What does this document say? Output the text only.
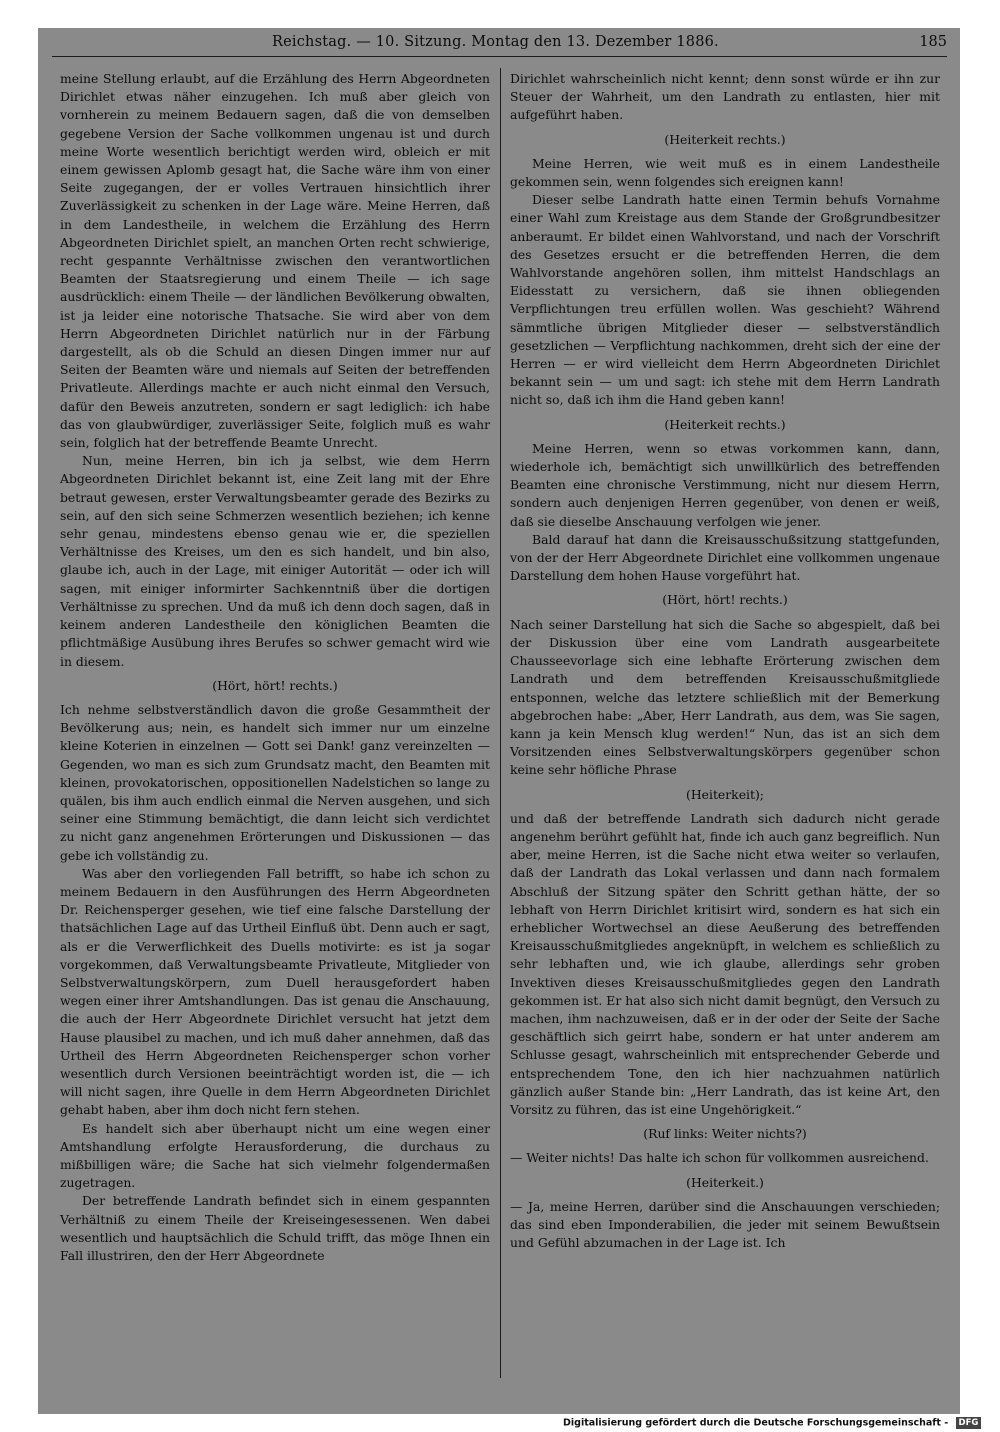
Reichstag. — 10. Sitzung. Montag den 13. Dezember 1886.	185

meine Stellung erlaubt, auf die Erzählung des Herrn Abgeordneten Dirichlet etwas näher einzugehen. Ich muß aber gleich von vornherein zu meinem Bedauern sagen, daß die von demselben gegebene Version der Sache vollkommen ungenau ist und durch meine Worte wesentlich berichtigt werden wird, obleich er mit einem gewissen Aplomb gesagt hat, die Sache wäre ihm von einer Seite zugegangen, der er volles Vertrauen hinsichtlich ihrer Zuverlässigkeit zu schenken in der Lage wäre. Meine Herren, daß in dem Landestheile, in welchem die Erzählung des Herrn Abgeordneten Dirichlet spielt, an manchen Orten recht schwierige, recht gespannte Verhältnisse zwischen den verantwortlichen Beamten der Staatsregierung und einem Theile — ich sage ausdrücklich: einem Theile — der ländlichen Bevölkerung obwalten, ist ja leider eine notorische Thatsache. Sie wird aber von dem Herrn Abgeordneten Dirichlet natürlich nur in der Färbung dargestellt, als ob die Schuld an diesen Dingen immer nur auf Seiten der Beamten wäre und niemals auf Seiten der betreffenden Privatleute. Allerdings machte er auch nicht einmal den Versuch, dafür den Beweis anzutreten, sondern er sagt lediglich: ich habe das von glaubwürdiger, zuverlässiger Seite, folglich muß es wahr sein, folglich hat der betreffende Beamte Unrecht.

Nun, meine Herren, bin ich ja selbst, wie dem Herrn Abgeordneten Dirichlet bekannt ist, eine Zeit lang mit der Ehre betraut gewesen, erster Verwaltungsbeamter gerade des Bezirks zu sein, auf den sich seine Schmerzen wesentlich beziehen; ich kenne sehr genau, mindestens ebenso genau wie er, die speziellen Verhältnisse des Kreises, um den es sich handelt, und bin also, glaube ich, auch in der Lage, mit einiger Autorität — oder ich will sagen, mit einiger informirter Sachkenntniß über die dortigen Verhältnisse zu sprechen. Und da muß ich denn doch sagen, daß in keinem anderen Landestheile den königlichen Beamten die pflichtmäßige Ausübung ihres Berufes so schwer gemacht wird wie in diesem.

(Hört, hört! rechts.)

Ich nehme selbstverständlich davon die große Gesammtheit der Bevölkerung aus; nein, es handelt sich immer nur um einzelne kleine Koterien in einzelnen — Gott sei Dank! ganz vereinzelten — Gegenden, wo man es sich zum Grundsatz macht, den Beamten mit kleinen, provokatorischen, oppositionellen Nadelstichen so lange zu quälen, bis ihm auch endlich einmal die Nerven ausgehen, und sich seiner eine Stimmung bemächtigt, die dann leicht sich verdichtet zu nicht ganz angenehmen Erörterungen und Diskussionen — das gebe ich vollständig zu.

Was aber den vorliegenden Fall betrifft, so habe ich schon zu meinem Bedauern in den Ausführungen des Herrn Abgeordneten Dr. Reichensperger gesehen, wie tief eine falsche Darstellung der thatsächlichen Lage auf das Urtheil Einfluß übt. Denn auch er sagt, als er die Verwerflichkeit des Duells motivirte: es ist ja sogar vorgekommen, daß Verwaltungsbeamte Privatleute, Mitglieder von Selbstverwaltungskörpern, zum Duell herausgefordert haben wegen einer ihrer Amtshandlungen. Das ist genau die Anschauung, die auch der Herr Abgeordnete Dirichlet versucht hat jetzt dem Hause plausibel zu machen, und ich muß daher annehmen, daß das Urtheil des Herrn Abgeordneten Reichensperger schon vorher wesentlich durch Versionen beeinträchtigt worden ist, die — ich will nicht sagen, ihre Quelle in dem Herrn Abgeordneten Dirichlet gehabt haben, aber ihm doch nicht fern stehen.

Es handelt sich aber überhaupt nicht um eine wegen einer Amtshandlung erfolgte Herausforderung, die durchaus zu mißbilligen wäre; die Sache hat sich vielmehr folgendermaßen zugetragen.

Der betreffende Landrath befindet sich in einem gespannten Verhältniß zu einem Theile der Kreiseingesessenen. Wen dabei wesentlich und hauptsächlich die Schuld trifft, das möge Ihnen ein Fall illustriren, den der Herr Abgeordnete

Dirichlet wahrscheinlich nicht kennt; denn sonst würde er ihn zur Steuer der Wahrheit, um den Landrath zu entlasten, hier mit aufgeführt haben.

(Heiterkeit rechts.)

Meine Herren, wie weit muß es in einem Landestheile gekommen sein, wenn folgendes sich ereignen kann!

Dieser selbe Landrath hatte einen Termin behufs Vornahme einer Wahl zum Kreistage aus dem Stande der Großgrundbesitzer anberaumt. Er bildet einen Wahlvorstand, und nach der Vorschrift des Gesetzes ersucht er die betreffenden Herren, die dem Wahlvorstande angehören sollen, ihm mittelst Handschlags an Eidesstatt zu versichern, daß sie ihnen obliegenden Verpflichtungen treu erfüllen wollen. Was geschieht? Während sämmtliche übrigen Mitglieder dieser — selbstverständlich gesetzlichen — Verpflichtung nachkommen, dreht sich der eine der Herren — er wird vielleicht dem Herrn Abgeordneten Dirichlet bekannt sein — um und sagt: ich stehe mit dem Herrn Landrath nicht so, daß ich ihm die Hand geben kann!

(Heiterkeit rechts.)

Meine Herren, wenn so etwas vorkommen kann, dann, wiederhole ich, bemächtigt sich unwillkürlich des betreffenden Beamten eine chronische Verstimmung, nicht nur diesem Herrn, sondern auch denjenigen Herren gegenüber, von denen er weiß, daß sie dieselbe Anschauung verfolgen wie jener.

Bald darauf hat dann die Kreisausschußsitzung stattgefunden, von der der Herr Abgeordnete Dirichlet eine vollkommen ungenaue Darstellung dem hohen Hause vorgeführt hat.

(Hört, hört! rechts.)

Nach seiner Darstellung hat sich die Sache so abgespielt, daß bei der Diskussion über eine vom Landrath ausgearbeitete Chausseevorlage sich eine lebhafte Erörterung zwischen dem Landrath und dem betreffenden Kreisausschußmitgliede entsponnen, welche das letztere schließlich mit der Bemerkung abgebrochen habe: „Aber, Herr Landrath, aus dem, was Sie sagen, kann ja kein Mensch klug werden!“ Nun, das ist an sich dem Vorsitzenden eines Selbstverwaltungskörpers gegenüber schon keine sehr höfliche Phrase

(Heiterkeit);

und daß der betreffende Landrath sich dadurch nicht gerade angenehm berührt gefühlt hat, finde ich auch ganz begreiflich. Nun aber, meine Herren, ist die Sache nicht etwa weiter so verlaufen, daß der Landrath das Lokal verlassen und dann nach formalem Abschluß der Sitzung später den Schritt gethan hätte, der so lebhaft von Herrn Dirichlet kritisirt wird, sondern es hat sich ein erheblicher Wortwechsel an diese Aeußerung des betreffenden Kreisausschußmitgliedes angeknüpft, in welchem es schließlich zu sehr lebhaften und, wie ich glaube, allerdings sehr groben Invektiven dieses Kreisausschußmitgliedes gegen den Landrath gekommen ist. Er hat also sich nicht damit begnügt, den Versuch zu machen, ihm nachzuweisen, daß er in der oder der Seite der Sache geschäftlich sich geirrt habe, sondern er hat unter anderem am Schlusse gesagt, wahrscheinlich mit entsprechender Geberde und entsprechendem Tone, den ich hier nachzuahmen natürlich gänzlich außer Stande bin: „Herr Landrath, das ist keine Art, den Vorsitz zu führen, das ist eine Ungehörigkeit.“

(Ruf links: Weiter nichts?)

— Weiter nichts! Das halte ich schon für vollkommen ausreichend.

(Heiterkeit.)

— Ja, meine Herren, darüber sind die Anschauungen verschieden; das sind eben Imponderabilien, die jeder mit seinem Bewußtsein und Gefühl abzumachen in der Lage ist. Ich

Digitalisierung gefördert durch die Deutsche Forschungsgemeinschaft - DFG
